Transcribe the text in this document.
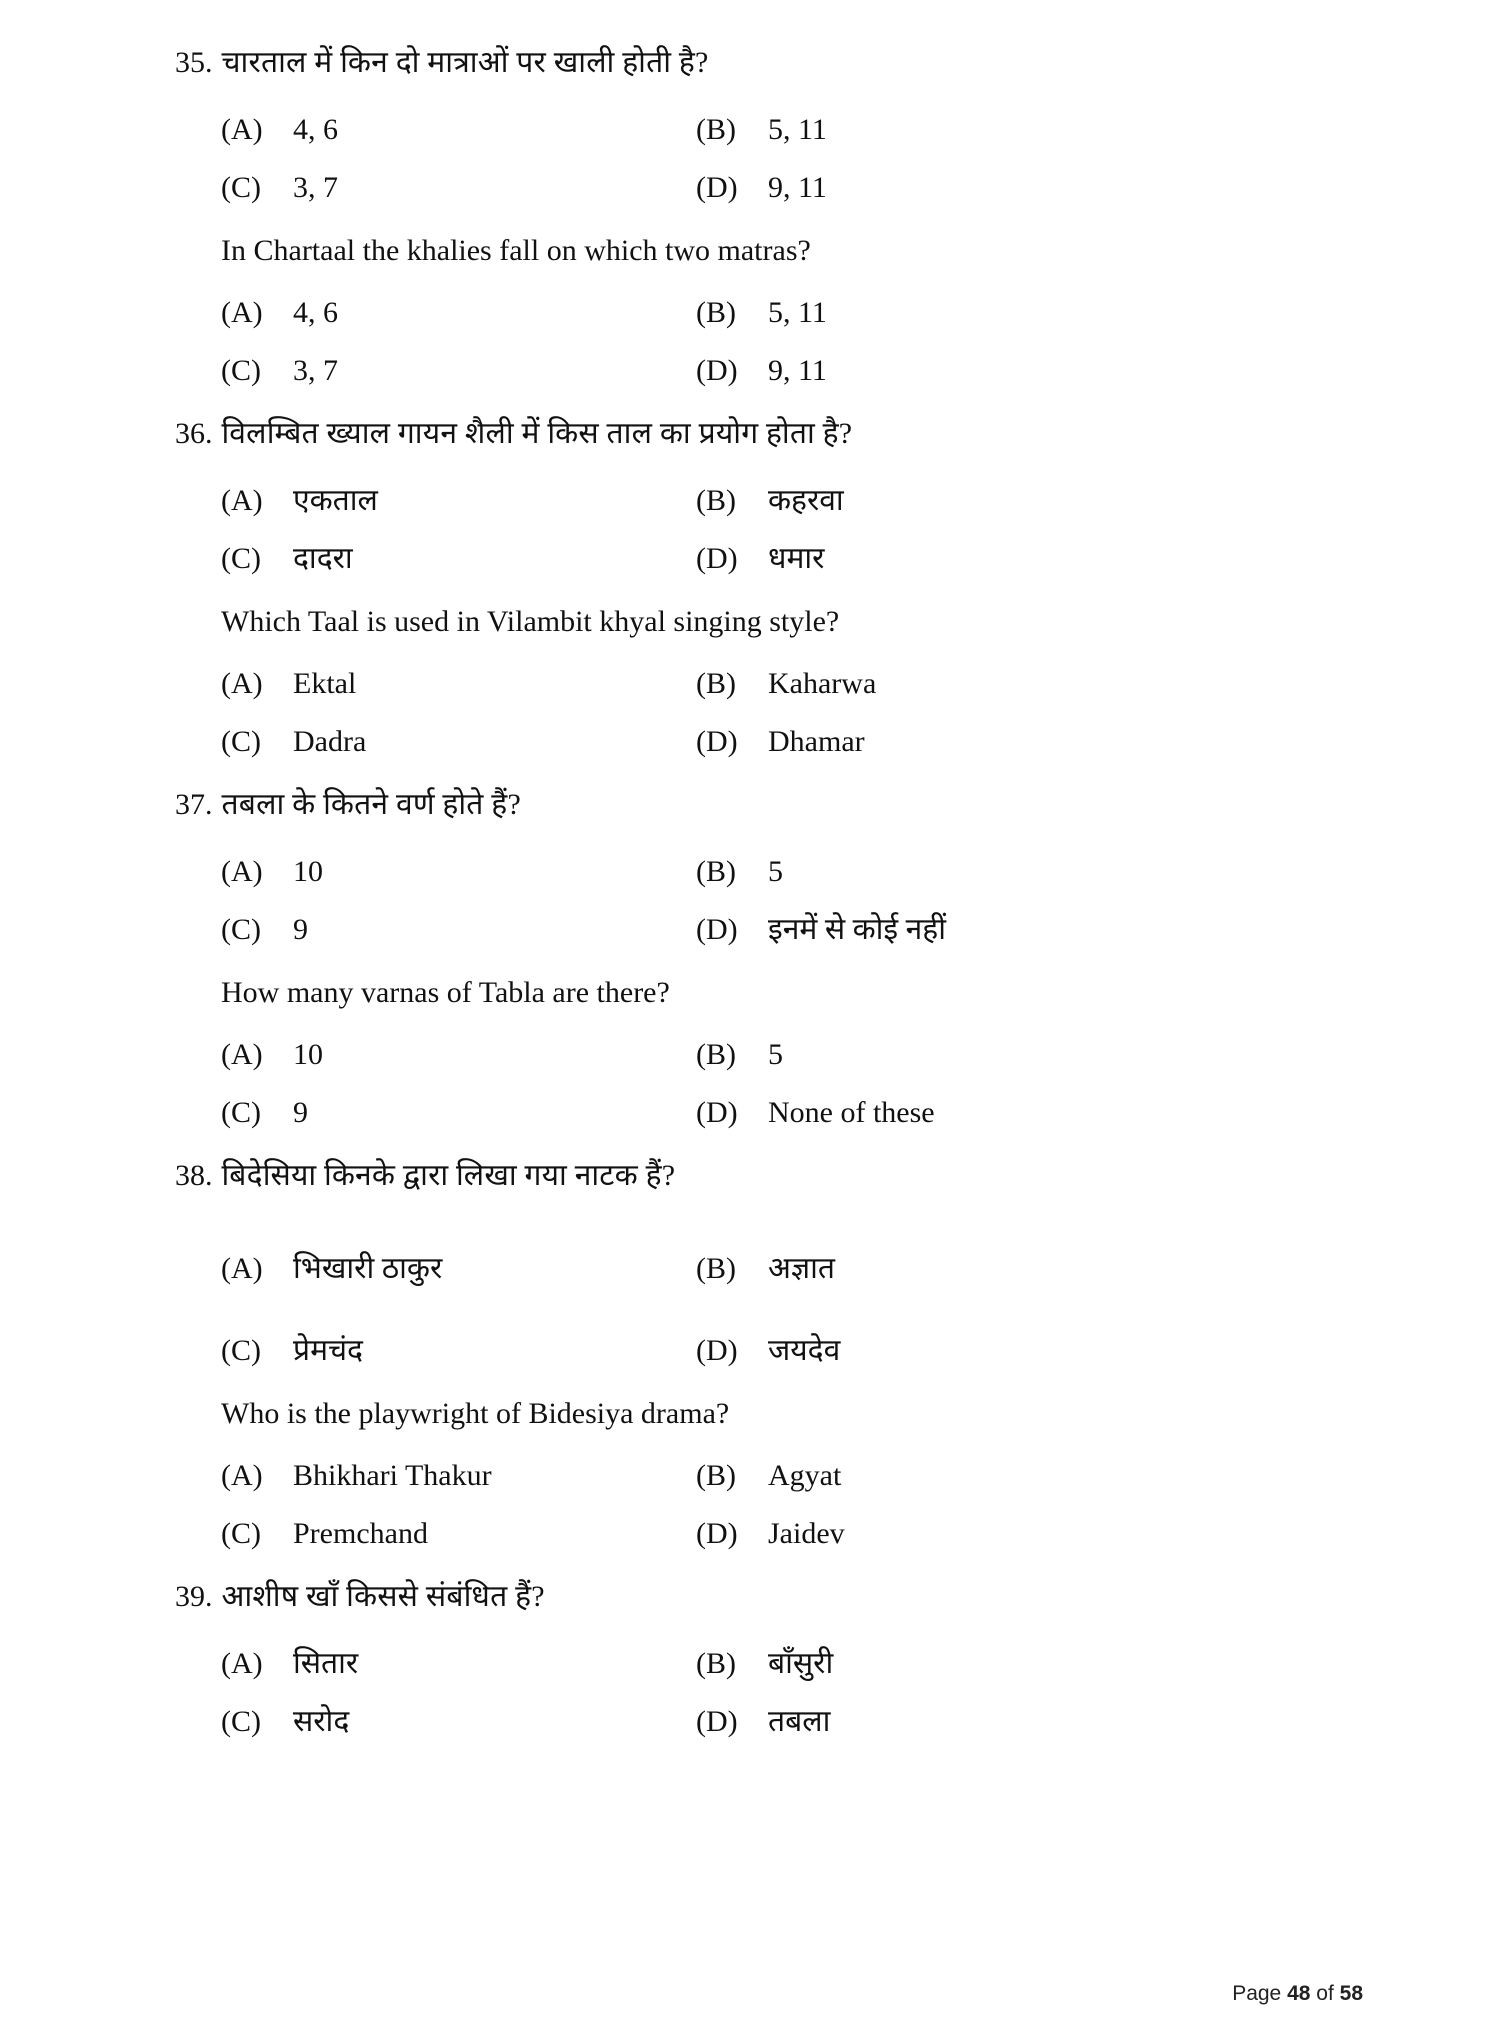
35. चारताल में किन दो मात्राओं पर खाली होती है?
(A)	4, 6	(B)	5, 11
(C)	3, 7	(D)	9, 11
In Chartaal the khalies fall on which two matras?
(A)	4, 6	(B)	5, 11
(C)	3, 7	(D)	9, 11
36. विलम्बित ख्याल गायन शैली में किस ताल का प्रयोग होता है?
(A)	एकताल	(B)	कहरवा
(C)	दादरा	(D)	धमार
Which Taal is used in Vilambit khyal singing style?
(A)	Ektal	(B)	Kaharwa
(C)	Dadra	(D)	Dhamar
37. तबला के कितने वर्ण होते हैं?
(A)	10	(B)	5
(C)	9	(D)	इनमें से कोई नहीं
How many varnas of Tabla are there?
(A)	10	(B)	5
(C)	9	(D)	None of these
38. बिदेसिया किनके द्वारा लिखा गया नाटक हैं?
(A)	भिखारी ठाकुर	(B)	अज्ञात
(C)	प्रेमचंद	(D)	जयदेव
Who is the playwright of Bidesiya drama?
(A)	Bhikhari Thakur	(B)	Agyat
(C)	Premchand	(D)	Jaidev
39. आशीष खाँ किससे संबंधित हैं?
(A)	सितार	(B)	बाँसुरी
(C)	सरोद	(D)	तबला
Page 48 of 58
